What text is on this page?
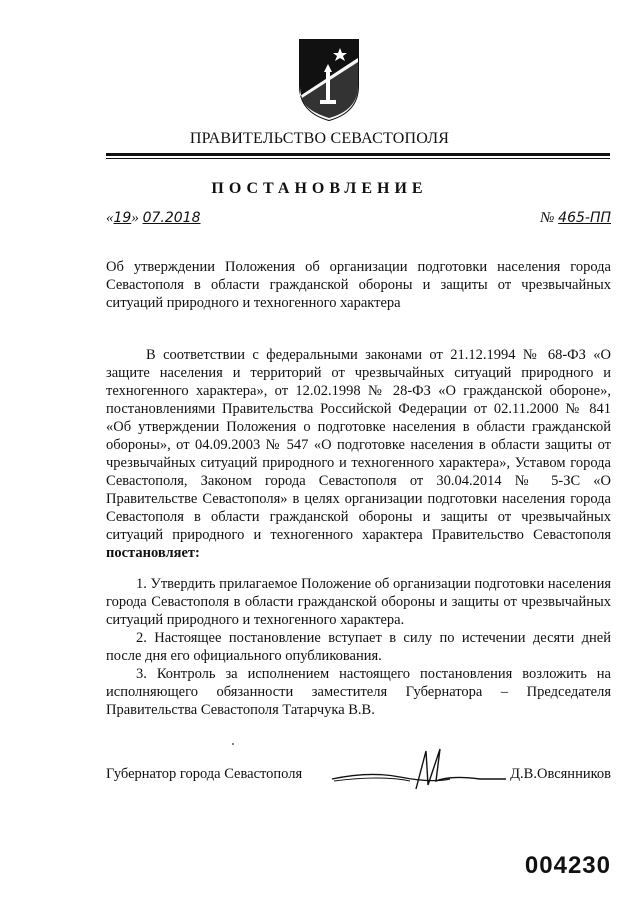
ПРАВИТЕЛЬСТВО СЕВАСТОПОЛЯ
ПОСТАНОВЛЕНИЕ
«19» 07.2018	№ 465-ПП
Об утверждении Положения об организации подготовки населения города Севастополя в области гражданской обороны и защиты от чрезвычайных ситуаций природного и техногенного характера

В соответствии с федеральными законами от 21.12.1994 № 68-ФЗ «О защите населения и территорий от чрезвычайных ситуаций природного и техногенного характера», от 12.02.1998 № 28-ФЗ «О гражданской обороне», постановлениями Правительства Российской Федерации от 02.11.2000 № 841 «Об утверждении Положения о подготовке населения в области гражданской обороны», от 04.09.2003 № 547 «О подготовке населения в области защиты от чрезвычайных ситуаций природного и техногенного характера», Уставом города Севастополя, Законом города Севастополя от 30.04.2014 № 5-ЗС «О Правительстве Севастополя» в целях организации подготовки населения города Севастополя в области гражданской обороны и защиты от чрезвычайных ситуаций природного и техногенного характера Правительство Севастополя постановляет:

1. Утвердить прилагаемое Положение об организации подготовки населения города Севастополя в области гражданской обороны и защиты от чрезвычайных ситуаций природного и техногенного характера.

2. Настоящее постановление вступает в силу по истечении десяти дней после дня его официального опубликования.

3. Контроль за исполнением настоящего постановления возложить на исполняющего обязанности заместителя Губернатора – Председателя Правительства Севастополя Татарчука В.В.

Губернатор города Севастополя	Д.В.Овсянников
004230
